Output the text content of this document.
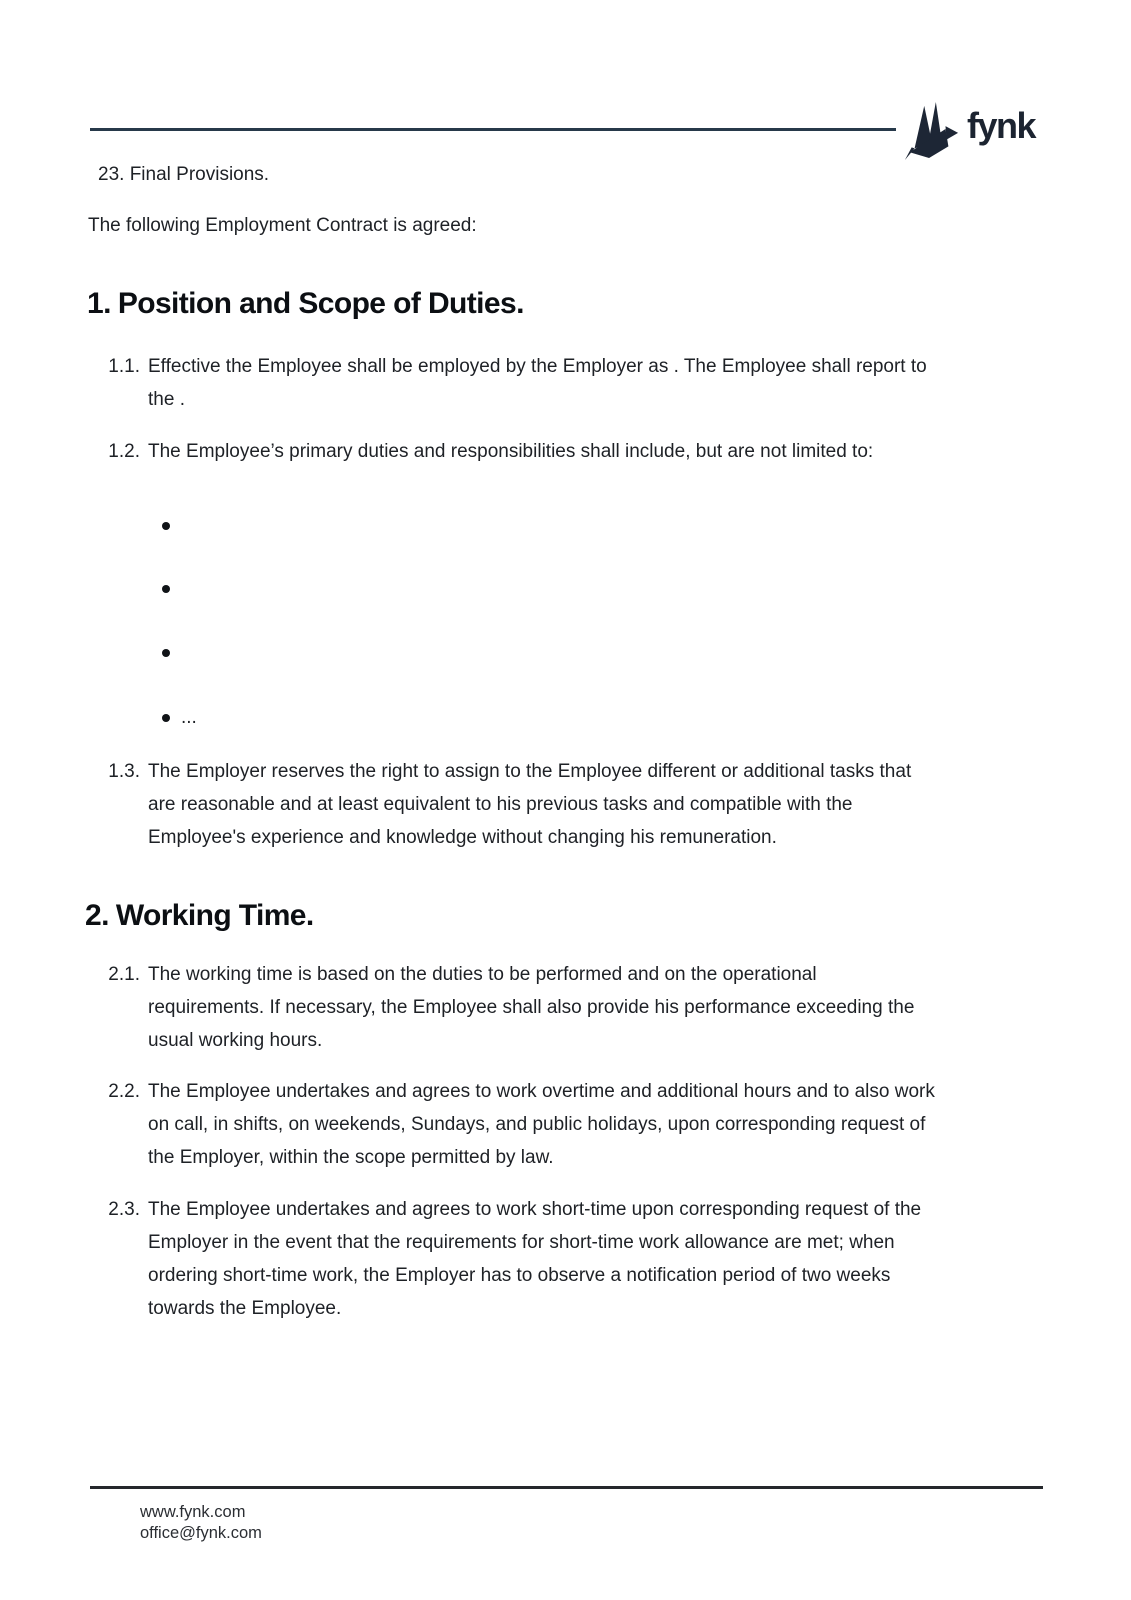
fynk
23. Final Provisions.
The following Employment Contract is agreed:
1. Position and Scope of Duties.
1.1. Effective the Employee shall be employed by the Employer as . The Employee shall report to
the .
1.2. The Employee’s primary duties and responsibilities shall include, but are not limited to:
...
1.3. The Employer reserves the right to assign to the Employee different or additional tasks that
are reasonable and at least equivalent to his previous tasks and compatible with the
Employee's experience and knowledge without changing his remuneration.
2. Working Time.
2.1. The working time is based on the duties to be performed and on the operational
requirements. If necessary, the Employee shall also provide his performance exceeding the
usual working hours.
2.2. The Employee undertakes and agrees to work overtime and additional hours and to also work
on call, in shifts, on weekends, Sundays, and public holidays, upon corresponding request of
the Employer, within the scope permitted by law.
2.3. The Employee undertakes and agrees to work short-time upon corresponding request of the
Employer in the event that the requirements for short-time work allowance are met; when
ordering short-time work, the Employer has to observe a notification period of two weeks
towards the Employee.
www.fynk.com
office@fynk.com
